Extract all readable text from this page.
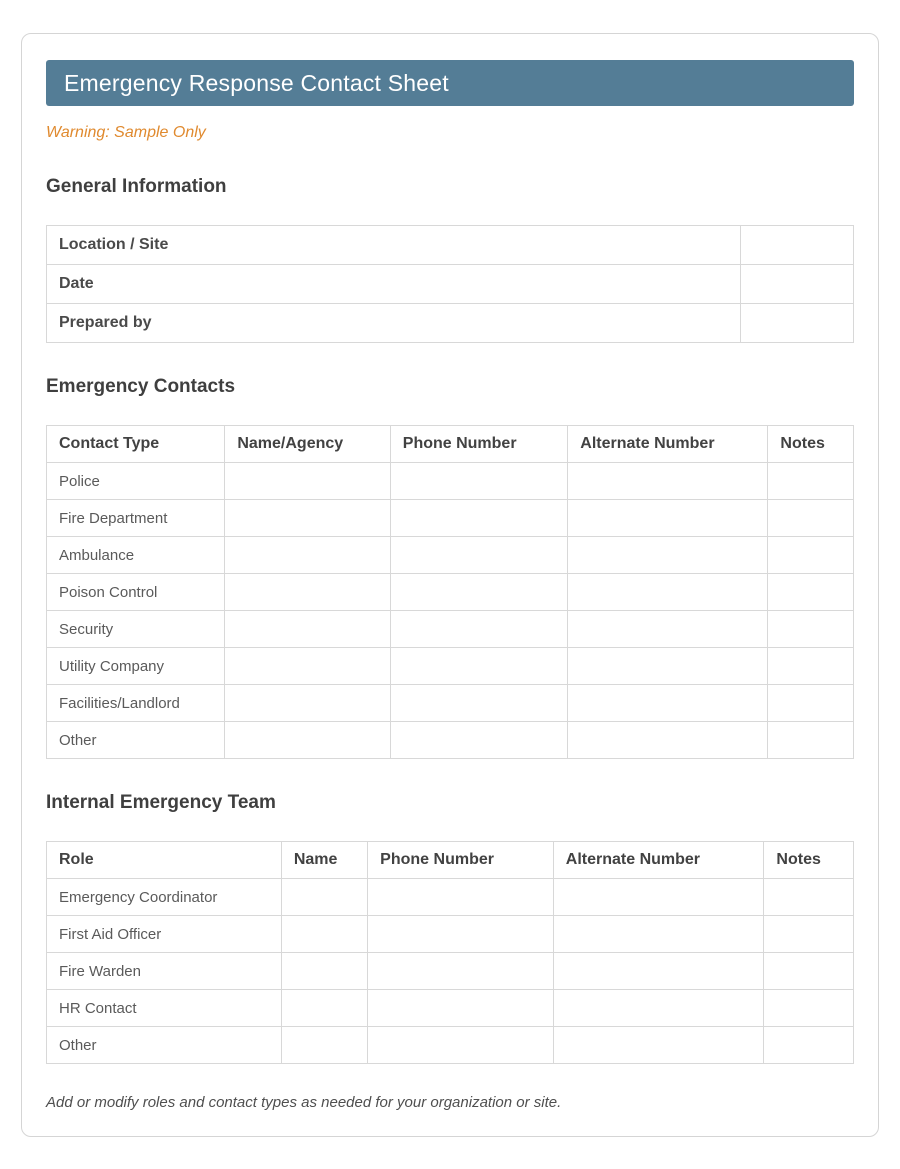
Emergency Response Contact Sheet
Warning: Sample Only
General Information
Location / Site	
Date	
Prepared by	
Emergency Contacts
Contact Type	Name/Agency	Phone Number	Alternate Number	Notes
Police				
Fire Department				
Ambulance				
Poison Control				
Security				
Utility Company				
Facilities/Landlord				
Other				
Internal Emergency Team
Role	Name	Phone Number	Alternate Number	Notes
Emergency Coordinator				
First Aid Officer				
Fire Warden				
HR Contact				
Other				
Add or modify roles and contact types as needed for your organization or site.
